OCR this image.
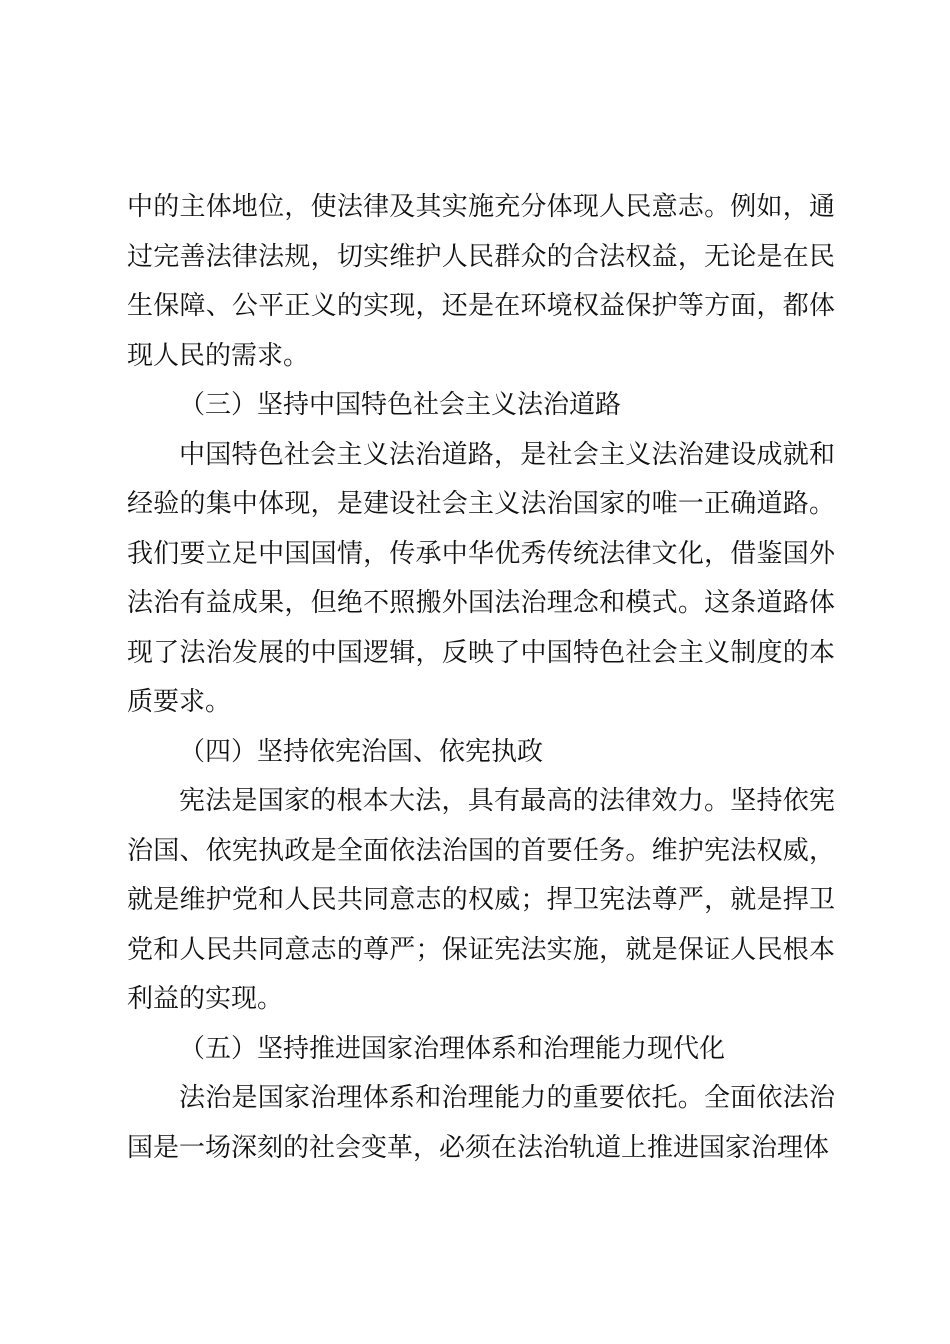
中的主体地位，使法律及其实施充分体现人民意志。例如，通过完善法律法规，切实维护人民群众的合法权益，无论是在民生保障、公平正义的实现，还是在环境权益保护等方面，都体现人民的需求。

（三）坚持中国特色社会主义法治道路

中国特色社会主义法治道路，是社会主义法治建设成就和经验的集中体现，是建设社会主义法治国家的唯一正确道路。我们要立足中国国情，传承中华优秀传统法律文化，借鉴国外法治有益成果，但绝不照搬外国法治理念和模式。这条道路体现了法治发展的中国逻辑，反映了中国特色社会主义制度的本质要求。

（四）坚持依宪治国、依宪执政

宪法是国家的根本大法，具有最高的法律效力。坚持依宪治国、依宪执政是全面依法治国的首要任务。维护宪法权威，就是维护党和人民共同意志的权威；捍卫宪法尊严，就是捍卫党和人民共同意志的尊严；保证宪法实施，就是保证人民根本利益的实现。

（五）坚持推进国家治理体系和治理能力现代化

法治是国家治理体系和治理能力的重要依托。全面依法治国是一场深刻的社会变革，必须在法治轨道上推进国家治理体
